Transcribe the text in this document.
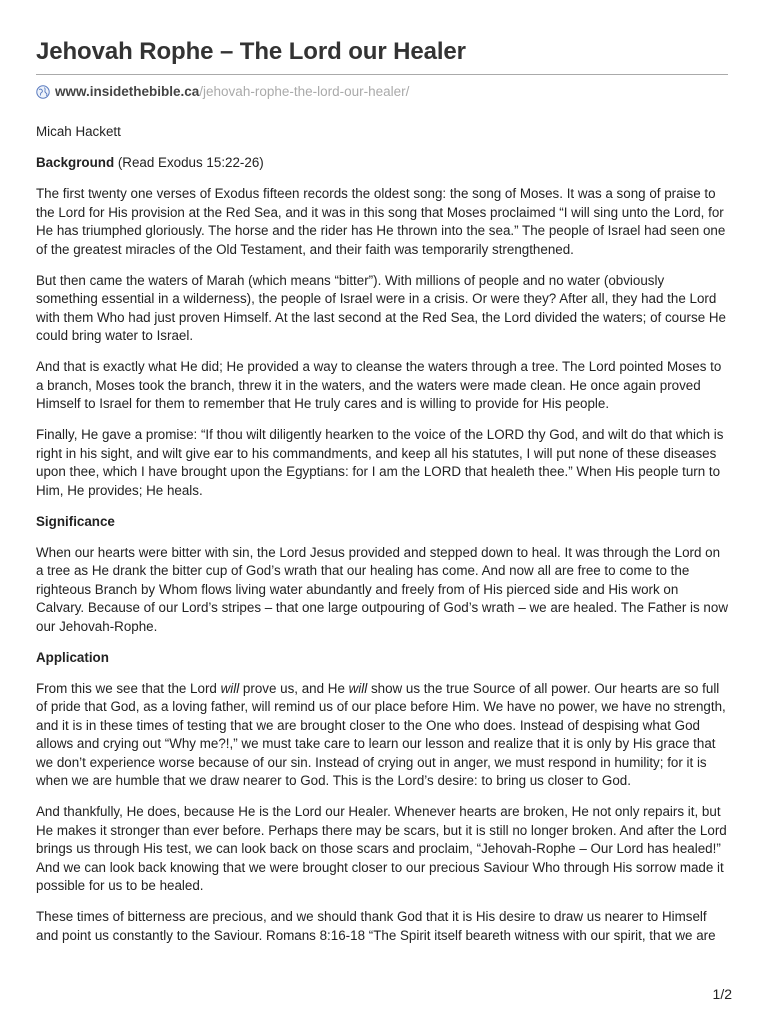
Jehovah Rophe – The Lord our Healer
www.insidethebible.ca/jehovah-rophe-the-lord-our-healer/

Micah Hackett

Background (Read Exodus 15:22-26)

The first twenty one verses of Exodus fifteen records the oldest song: the song of Moses. It was a song of praise to the Lord for His provision at the Red Sea, and it was in this song that Moses proclaimed “I will sing unto the Lord, for He has triumphed gloriously. The horse and the rider has He thrown into the sea.” The people of Israel had seen one of the greatest miracles of the Old Testament, and their faith was temporarily strengthened.

But then came the waters of Marah (which means “bitter”). With millions of people and no water (obviously something essential in a wilderness), the people of Israel were in a crisis. Or were they? After all, they had the Lord with them Who had just proven Himself. At the last second at the Red Sea, the Lord divided the waters; of course He could bring water to Israel.

And that is exactly what He did; He provided a way to cleanse the waters through a tree. The Lord pointed Moses to a branch, Moses took the branch, threw it in the waters, and the waters were made clean. He once again proved Himself to Israel for them to remember that He truly cares and is willing to provide for His people.

Finally, He gave a promise: “If thou wilt diligently hearken to the voice of the LORD thy God, and wilt do that which is right in his sight, and wilt give ear to his commandments, and keep all his statutes, I will put none of these diseases upon thee, which I have brought upon the Egyptians: for I am the LORD that healeth thee.” When His people turn to Him, He provides; He heals.

Significance

When our hearts were bitter with sin, the Lord Jesus provided and stepped down to heal. It was through the Lord on a tree as He drank the bitter cup of God’s wrath that our healing has come. And now all are free to come to the righteous Branch by Whom flows living water abundantly and freely from of His pierced side and His work on Calvary. Because of our Lord’s stripes – that one large outpouring of God’s wrath – we are healed. The Father is now our Jehovah-Rophe.

Application

From this we see that the Lord will prove us, and He will show us the true Source of all power. Our hearts are so full of pride that God, as a loving father, will remind us of our place before Him. We have no power, we have no strength, and it is in these times of testing that we are brought closer to the One who does. Instead of despising what God allows and crying out “Why me?!,” we must take care to learn our lesson and realize that it is only by His grace that we don’t experience worse because of our sin. Instead of crying out in anger, we must respond in humility; for it is when we are humble that we draw nearer to God. This is the Lord’s desire: to bring us closer to God.

And thankfully, He does, because He is the Lord our Healer. Whenever hearts are broken, He not only repairs it, but He makes it stronger than ever before. Perhaps there may be scars, but it is still no longer broken. And after the Lord brings us through His test, we can look back on those scars and proclaim, “Jehovah-Rophe – Our Lord has healed!” And we can look back knowing that we were brought closer to our precious Saviour Who through His sorrow made it possible for us to be healed.

These times of bitterness are precious, and we should thank God that it is His desire to draw us nearer to Himself and point us constantly to the Saviour. Romans 8:16-18 “The Spirit itself beareth witness with our spirit, that we are

1/2
